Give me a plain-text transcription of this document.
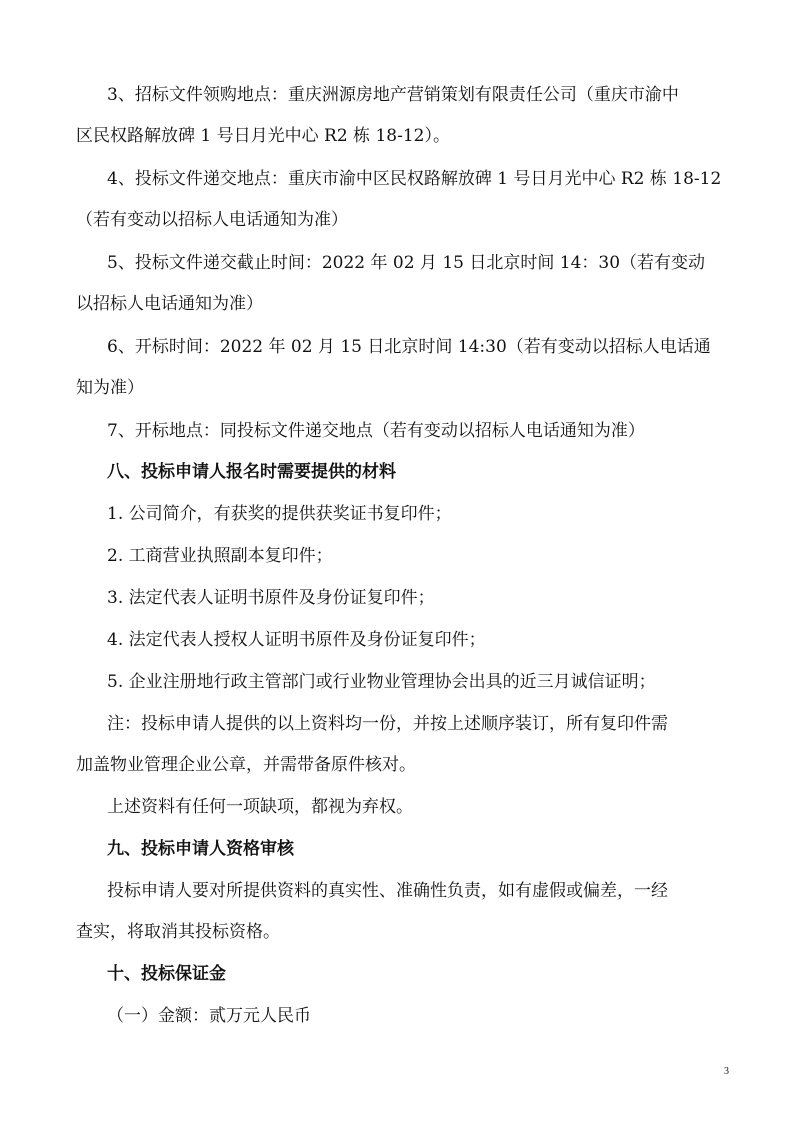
3、招标文件领购地点：重庆洲源房地产营销策划有限责任公司（重庆市渝中

区民权路解放碑 1 号日月光中心 R2 栋 18-12）。

4、投标文件递交地点：重庆市渝中区民权路解放碑 1 号日月光中心 R2 栋 18-12

（若有变动以招标人电话通知为准）

5、投标文件递交截止时间：2022 年 02 月 15 日北京时间 14：30（若有变动

以招标人电话通知为准）

6、开标时间：2022 年 02 月 15 日北京时间 14:30（若有变动以招标人电话通

知为准）

7、开标地点：同投标文件递交地点（若有变动以招标人电话通知为准）

八、投标申请人报名时需要提供的材料

1. 公司简介，有获奖的提供获奖证书复印件；

2. 工商营业执照副本复印件；

3. 法定代表人证明书原件及身份证复印件；

4. 法定代表人授权人证明书原件及身份证复印件；

5. 企业注册地行政主管部门或行业物业管理协会出具的近三月诚信证明；

注：投标申请人提供的以上资料均一份，并按上述顺序装订，所有复印件需

加盖物业管理企业公章，并需带备原件核对。

上述资料有任何一项缺项，都视为弃权。

九、投标申请人资格审核

投标申请人要对所提供资料的真实性、准确性负责，如有虚假或偏差，一经

查实，将取消其投标资格。

十、投标保证金

（一）金额：贰万元人民币

3
